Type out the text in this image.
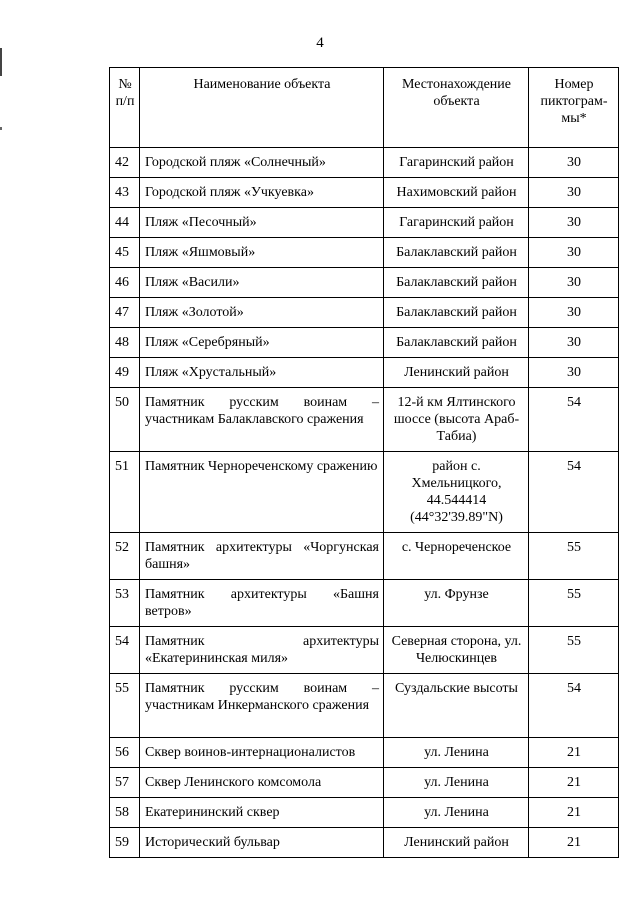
4
№ п/п	Наименование объекта	Местонахождение объекта	Номер пиктограм-мы*
42	Городской пляж «Солнечный»	Гагаринский район	30
43	Городской пляж «Учкуевка»	Нахимовский район	30
44	Пляж «Песочный»	Гагаринский район	30
45	Пляж «Яшмовый»	Балаклавский район	30
46	Пляж «Васили»	Балаклавский район	30
47	Пляж «Золотой»	Балаклавский район	30
48	Пляж «Серебряный»	Балаклавский район	30
49	Пляж «Хрустальный»	Ленинский район	30
50	Памятник русским воинам – участникам Балаклавского сражения	12-й км Ялтинского шоссе (высота Араб-Табиа)	54
51	Памятник Чернореченскому сражению	район с. Хмельницкого, 44.544414 (44°32'39.89"N)	54
52	Памятник архитектуры «Чоргунская башня»	с. Чернореченское	55
53	Памятник архитектуры «Башня ветров»	ул. Фрунзе	55
54	Памятник архитектуры «Екатерининская миля»	Северная сторона, ул. Челюскинцев	55
55	Памятник русским воинам – участникам Инкерманского сражения	Суздальские высоты	54
56	Сквер воинов-интернационалистов	ул. Ленина	21
57	Сквер Ленинского комсомола	ул. Ленина	21
58	Екатерининский сквер	ул. Ленина	21
59	Исторический бульвар	Ленинский район	21
